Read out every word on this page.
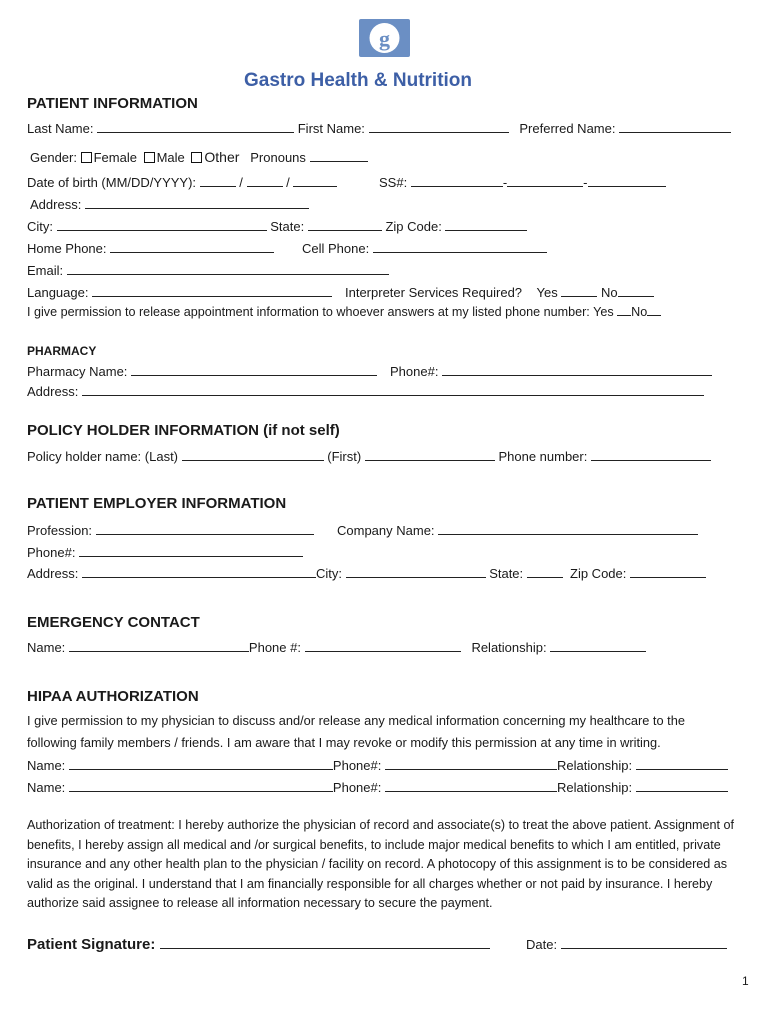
g
Gastro Health & Nutrition
PATIENT INFORMATION
Last Name:	First Name:	Preferred Name:
Gender: Female Male Other Pronouns
Date of birth (MM/DD/YYYY):	/	/	SS#:	-	-
Address:
City:	State:	Zip Code:
Home Phone:	Cell Phone:
Email:
Language:	Interpreter Services Required? Yes	No
I give permission to release appointment information to whoever answers at my listed phone number: Yes No
PHARMACY
Pharmacy Name:	Phone#:
Address:
POLICY HOLDER INFORMATION (if not self)
Policy holder name: (Last)	(First)	Phone number:
PATIENT EMPLOYER INFORMATION
Profession:	Company Name:
Phone#:
Address:	City:	State:	Zip Code:
EMERGENCY CONTACT
Name:	Phone #:	Relationship:
HIPAA AUTHORIZATION
I give permission to my physician to discuss and/or release any medical information concerning my healthcare to the
following family members / friends. I am aware that I may revoke or modify this permission at any time in writing.
Name:	Phone#:	Relationship:
Name:	Phone#:	Relationship:
Authorization of treatment: I hereby authorize the physician of record and associate(s) to treat the above patient. Assignment of benefits, I hereby assign all medical and /or surgical benefits, to include major medical benefits to which I am entitled, private insurance and any other health plan to the physician / facility on record. A photocopy of this assignment is to be considered as valid as the original. I understand that I am financially responsible for all charges whether or not paid by insurance. I hereby authorize said assignee to release all information necessary to secure the payment.
Patient Signature:	Date:
1
